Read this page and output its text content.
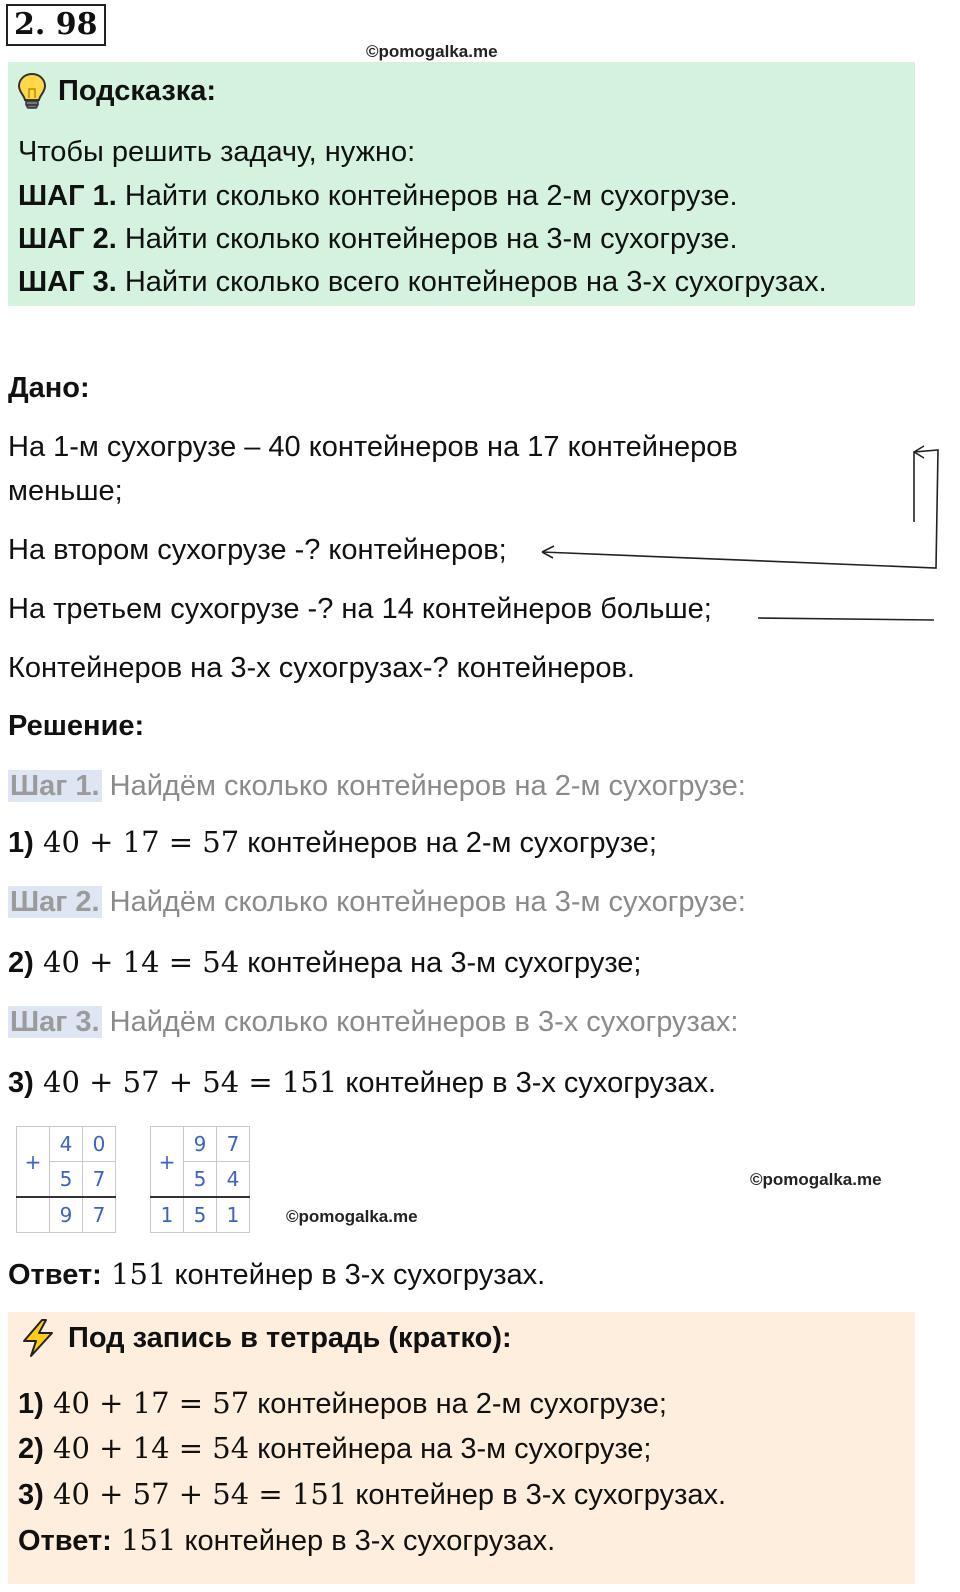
2. 98
©pomogalka.me
Подсказка:
Чтобы решить задачу, нужно:
ШАГ 1. Найти сколько контейнеров на 2-м сухогрузе.
ШАГ 2. Найти сколько контейнеров на 3-м сухогрузе.
ШАГ 3. Найти сколько всего контейнеров на 3-х сухогрузах.
Дано:
На 1-м сухогрузе – 40 контейнеров на 17 контейнеров
меньше;
На втором сухогрузе -? контейнеров;
На третьем сухогрузе -? на 14 контейнеров больше;
Контейнеров на 3-х сухогрузах-? контейнеров.
Решение:
Шаг 1. Найдём сколько контейнеров на 2-м сухогрузе:
1) 40 + 17 = 57 контейнеров на 2-м сухогрузе;
Шаг 2. Найдём сколько контейнеров на 3-м сухогрузе:
2) 40 + 14 = 54 контейнера на 3-м сухогрузе;
Шаг 3. Найдём сколько контейнеров в 3-х сухогрузах:
3) 40 + 57 + 54 = 151 контейнер в 3-х сухогрузах.
+	4	0
	5	7
	9	7
+	9	7
	5	4
1	5	1
©pomogalka.me
©pomogalka.me
Ответ: 151 контейнер в 3-х сухогрузах.
Под запись в тетрадь (кратко):
1) 40 + 17 = 57 контейнеров на 2-м сухогрузе;
2) 40 + 14 = 54 контейнера на 3-м сухогрузе;
3) 40 + 57 + 54 = 151 контейнер в 3-х сухогрузах.
Ответ: 151 контейнер в 3-х сухогрузах.
